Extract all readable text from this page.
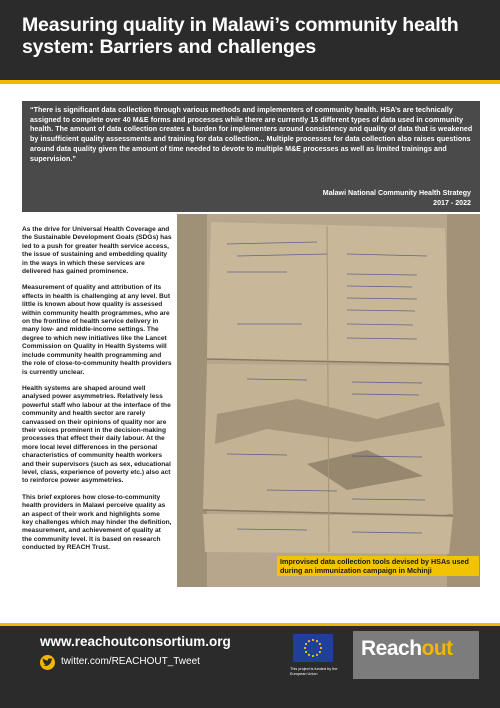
Measuring quality in Malawi’s community health system: Barriers and challenges

“There is significant data collection through various methods and implementers of community health. HSA’s are technically assigned to complete over 40 M&E forms and processes while there are currently 15 different types of data used in community health. The amount of data collection creates a burden for implementers around consistency and quality of data that is weakened by insufficient quality assessments and training for data collection... Multiple processes for data collection also raises questions around data quality given the amount of time needed to devote to multiple M&E processes as well as limited trainings and supervision.”

Malawi National Community Health Strategy
2017 - 2022

As the drive for Universal Health Coverage and the Sustainable Development Goals (SDGs) has led to a push for greater health service access, the issue of sustaining and embedding quality in the ways in which these services are delivered has gained prominence.

Measurement of quality and attribution of its effects in health is challenging at any level. But little is known about how quality is assessed within community health programmes, who are on the frontline of health service delivery in many low- and middle-income settings. The degree to which new initiatives like the Lancet Commission on Quality in Health Systems will include community health programming and the role of close-to-community health providers is currently unclear.

Health systems are shaped around well analysed power asymmetries. Relatively less powerful staff who labour at the interface of the community and health sector are rarely canvassed on their opinions of quality nor are their voices prominent in the decision-making processes that effect their daily labour. At the more local level differences in the personal characteristics of community health workers and their supervisors (such as sex, educational level, class, experience of poverty etc.) also act to reinforce power asymmetries.

This brief explores how close-to-community health providers in Malawi perceive quality as an aspect of their work and highlights some key challenges which may hinder the definition, measurement, and achievement of quality at the community level. It is based on research conducted by REACH Trust.

Improvised data collection tools devised by HSAs used during an immunization campaign in Mchinji
www.reachoutconsortium.org
twitter.com/REACHOUT_Tweet
This project is funded by the European Union
Reachout
